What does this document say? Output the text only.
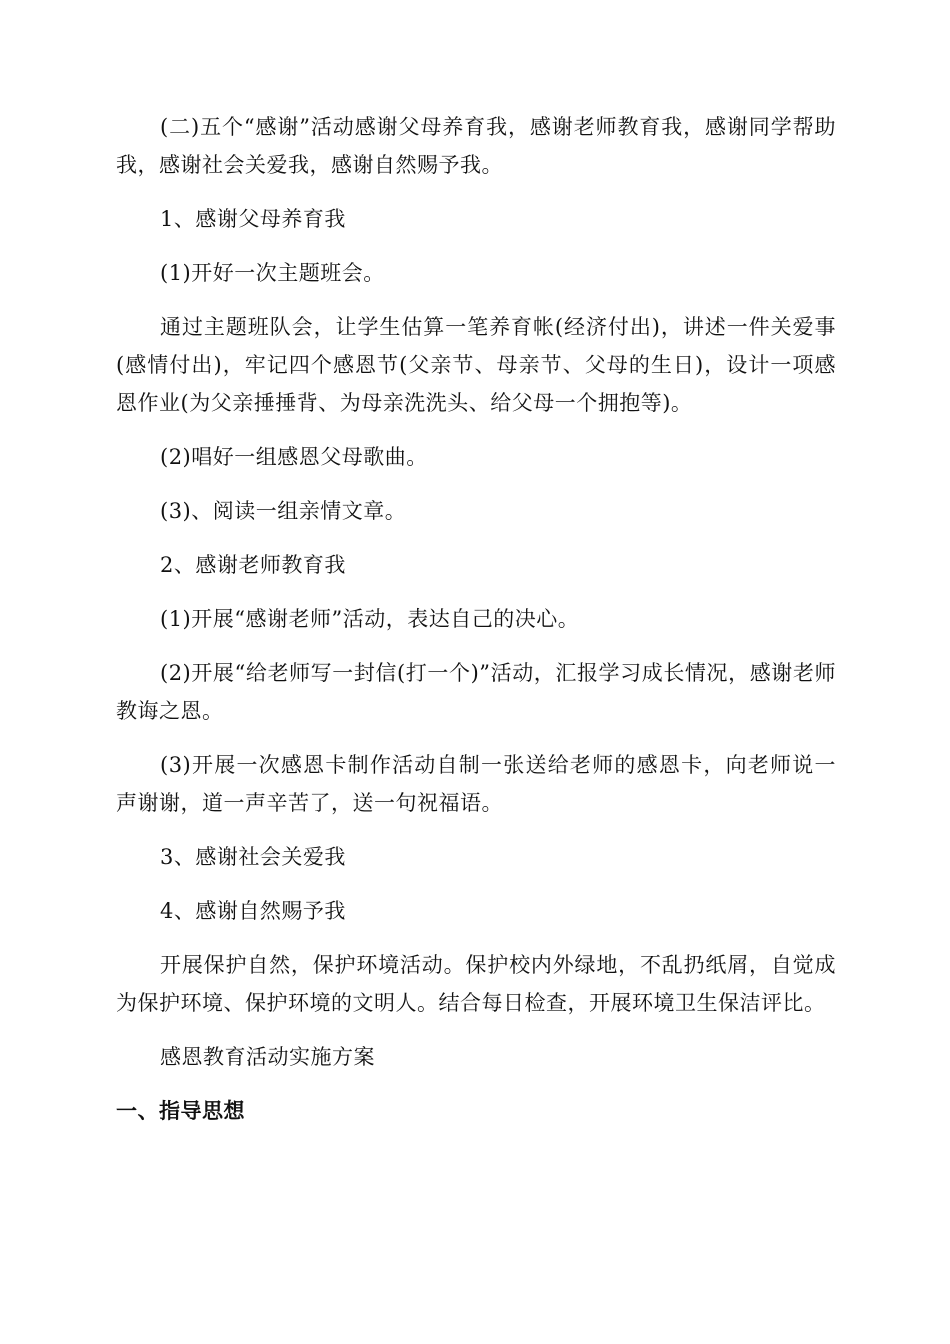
(二)五个“感谢”活动感谢父母养育我，感谢老师教育我，感谢同学帮助我，感谢社会关爱我，感谢自然赐予我。

1、感谢父母养育我

(1)开好一次主题班会。

通过主题班队会，让学生估算一笔养育帐(经济付出)，讲述一件关爱事(感情付出)，牢记四个感恩节(父亲节、母亲节、父母的生日)，设计一项感恩作业(为父亲捶捶背、为母亲洗洗头、给父母一个拥抱等)。

(2)唱好一组感恩父母歌曲。

(3)、阅读一组亲情文章。

2、感谢老师教育我

(1)开展“感谢老师”活动，表达自己的决心。

(2)开展“给老师写一封信(打一个)”活动，汇报学习成长情况，感谢老师教诲之恩。

(3)开展一次感恩卡制作活动自制一张送给老师的感恩卡，向老师说一声谢谢，道一声辛苦了，送一句祝福语。

3、感谢社会关爱我

4、感谢自然赐予我

开展保护自然，保护环境活动。保护校内外绿地，不乱扔纸屑，自觉成为保护环境、保护环境的文明人。结合每日检查，开展环境卫生保洁评比。

感恩教育活动实施方案

一、指导思想
